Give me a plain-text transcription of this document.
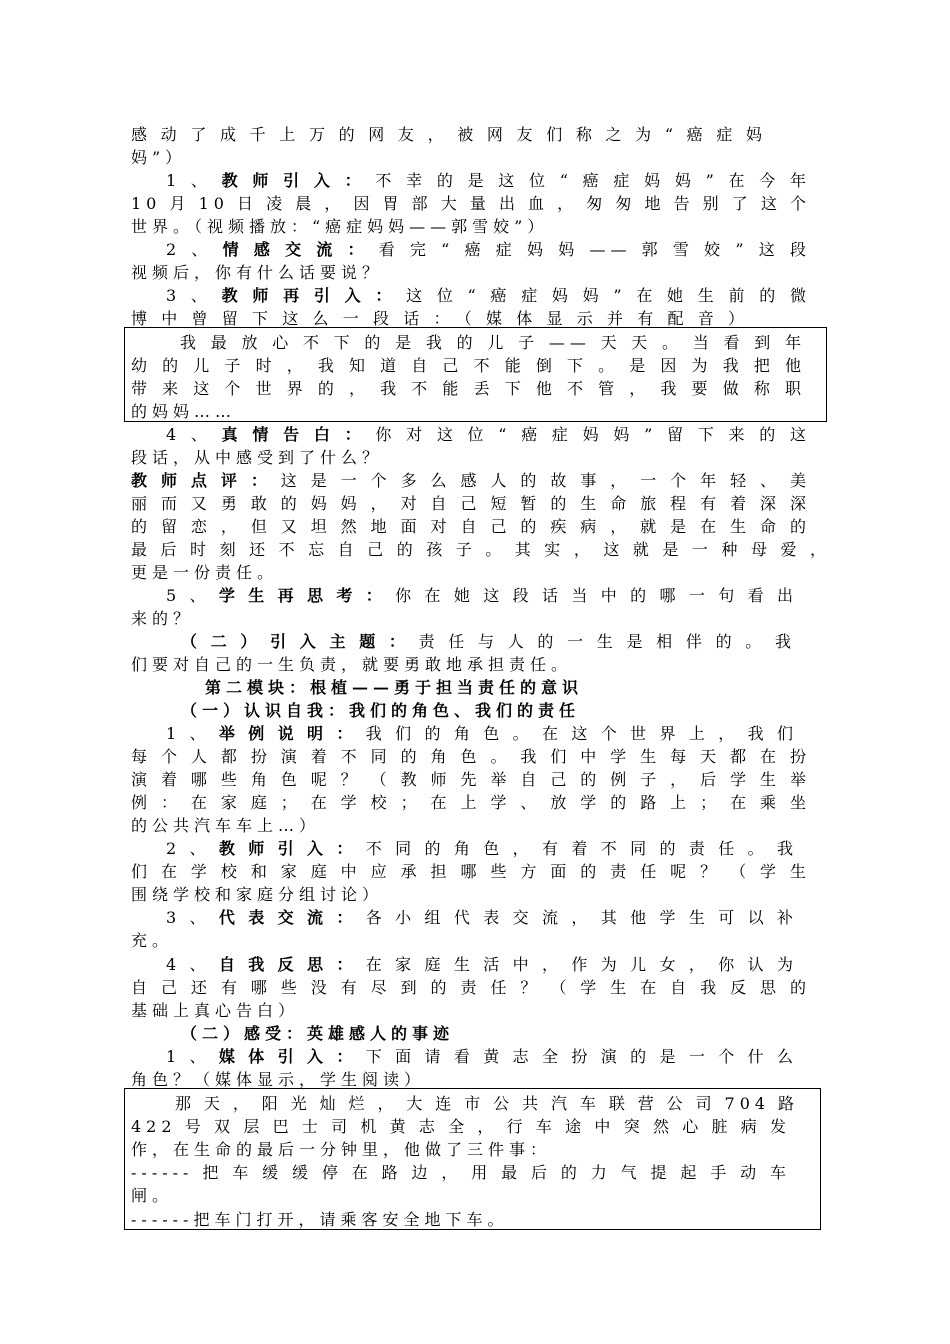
感动了成千上万的网友，被网友们称之为“癌症妈
妈”）
1、教师引入：不幸的是这位“癌症妈妈”在今年
10月10日凌晨，因胃部大量出血，匆匆地告别了这个
世界。（视频播放：“癌症妈妈——郭雪姣”）
2、情感交流：看完“癌症妈妈——郭雪姣”这段
视频后，你有什么话要说？
3、教师再引入：这位“癌症妈妈”在她生前的微
博中曾留下这么一段话：（媒体显示并有配音）
我最放心不下的是我的儿子——天天。当看到年
幼的儿子时，我知道自己不能倒下。是因为我把他
带来这个世界的，我不能丢下他不管，我要做称职
的妈妈……
4、真情告白：你对这位“癌症妈妈”留下来的这
段话，从中感受到了什么？
教师点评：这是一个多么感人的故事，一个年轻、美
丽而又勇敢的妈妈，对自己短暂的生命旅程有着深深
的留恋，但又坦然地面对自己的疾病，就是在生命的
最后时刻还不忘自己的孩子。其实，这就是一种母爱，
更是一份责任。
5、学生再思考：你在她这段话当中的哪一句看出
来的？
（二）引入主题：责任与人的一生是相伴的。我
们要对自己的一生负责，就要勇敢地承担责任。
第二模块：根植——勇于担当责任的意识
（一）认识自我：我们的角色、我们的责任
1、举例说明：我们的角色。在这个世界上，我们
每个人都扮演着不同的角色。我们中学生每天都在扮
演着哪些角色呢？（教师先举自己的例子，后学生举
例：在家庭；在学校；在上学、放学的路上；在乘坐
的公共汽车车上…）
2、教师引入：不同的角色，有着不同的责任。我
们在学校和家庭中应承担哪些方面的责任呢？（学生
围绕学校和家庭分组讨论）
3、代表交流：各小组代表交流，其他学生可以补
充。
4、自我反思：在家庭生活中，作为儿女，你认为
自己还有哪些没有尽到的责任？（学生在自我反思的
基础上真心告白）
（二）感受：英雄感人的事迹
1、媒体引入：下面请看黄志全扮演的是一个什么
角色？（媒体显示，学生阅读）
那天，阳光灿烂，大连市公共汽车联营公司704路
422号双层巴士司机黄志全，行车途中突然心脏病发
作，在生命的最后一分钟里，他做了三件事：
------把车缓缓停在路边，用最后的力气提起手动车
闸。
------把车门打开，请乘客安全地下车。
